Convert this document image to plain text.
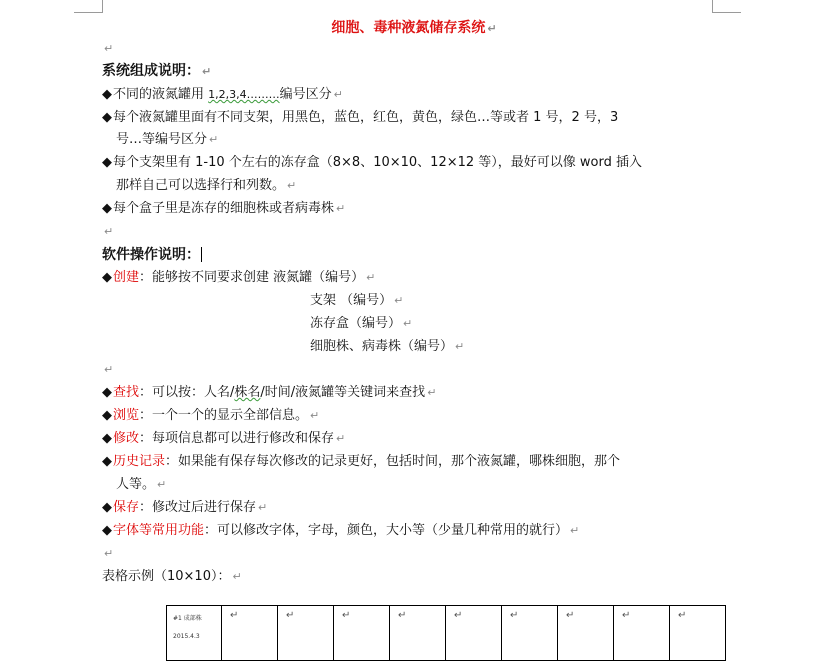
细胞、毒种液氮储存系统 ↵
↵
系统组成说明： ↵
◆不同的液氮罐用 1,2,3,4………编号区分 ↵
◆每个液氮罐里面有不同支架，用黑色，蓝色，红色，黄色，绿色…等或者 1 号，2 号，3
号…等编号区分 ↵
◆每个支架里有 1-10 个左右的冻存盒（8×8、10×10、12×12 等），最好可以像 word 插入
那样自己可以选择行和列数。 ↵
◆每个盒子里是冻存的细胞株或者病毒株 ↵
↵
软件操作说明：
◆创建：能够按不同要求创建 液氮罐（编号） ↵
支架 （编号） ↵
冻存盒（编号） ↵
细胞株、病毒株（编号） ↵
↵
◆查找：可以按：人名/株名/时间/液氮罐等关键词来查找 ↵
◆浏览：一个一个的显示全部信息。 ↵
◆修改：每项信息都可以进行修改和保存 ↵
◆历史记录：如果能有保存每次修改的记录更好，包括时间，那个液氮罐，哪株细胞，那个
人等。 ↵
◆保存：修改过后进行保存 ↵
◆字体等常用功能：可以修改字体，字母，颜色，大小等（少量几种常用的就行） ↵
↵
表格示例（10×10）： ↵
#1 成部株
2015.4.3
	↵	↵	↵	↵	↵	↵	↵	↵	↵
